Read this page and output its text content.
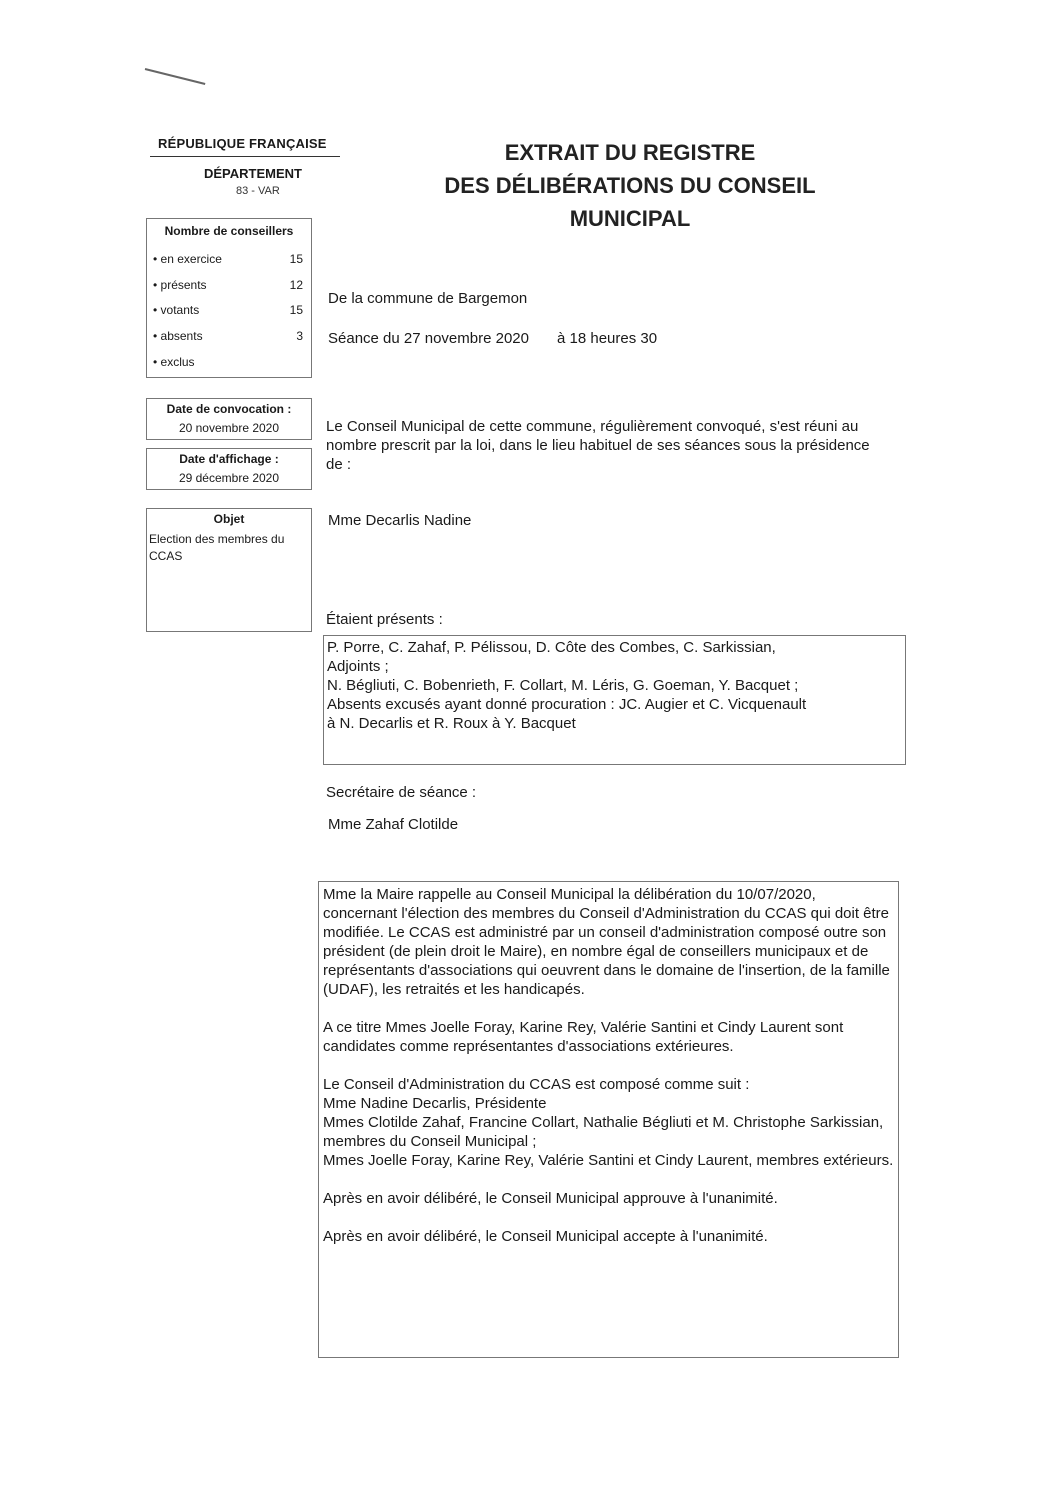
RÉPUBLIQUE FRANÇAISE
DÉPARTEMENT
83 - VAR
EXTRAIT DU REGISTRE
DES DÉLIBÉRATIONS DU CONSEIL
MUNICIPAL
Nombre de conseillers
• en exercice	15
• présents	12
• votants	15
• absents	3
• exclus
Date de convocation :
20 novembre 2020
Date d'affichage :
29 décembre 2020
Objet
Election des membres du CCAS
De la commune de Bargemon
Séance du 27 novembre 2020 à 18 heures 30
Le Conseil Municipal de cette commune, régulièrement convoqué, s'est réuni au nombre prescrit par la loi, dans le lieu habituel de ses séances sous la présidence de :
Mme Decarlis Nadine
Étaient présents :

P. Porre, C. Zahaf, P. Pélissou, D. Côte des Combes, C. Sarkissian,

Adjoints ;

N. Bégliuti, C. Bobenrieth, F. Collart, M. Léris, G. Goeman, Y. Bacquet ;

Absents excusés ayant donné procuration : JC. Augier et C. Vicquenault

à N. Decarlis et R. Roux à Y. Bacquet

Secrétaire de séance :
Mme Zahaf Clotilde

Mme la Maire rappelle au Conseil Municipal la délibération du 10/07/2020, concernant l'élection des membres du Conseil d'Administration du CCAS qui doit être modifiée. Le CCAS est administré par un conseil d'administration composé outre son président (de plein droit le Maire), en nombre égal de conseillers municipaux et de représentants d'associations qui oeuvrent dans le domaine de l'insertion, de la famille (UDAF), les retraités et les handicapés.

A ce titre Mmes Joelle Foray, Karine Rey, Valérie Santini et Cindy Laurent sont candidates comme représentantes d'associations extérieures.

Le Conseil d'Administration du CCAS est composé comme suit :

Mme Nadine Decarlis, Présidente

Mmes Clotilde Zahaf, Francine Collart, Nathalie Bégliuti et M. Christophe Sarkissian, membres du Conseil Municipal ;

Mmes Joelle Foray, Karine Rey, Valérie Santini et Cindy Laurent, membres extérieurs.

Après en avoir délibéré, le Conseil Municipal approuve à l'unanimité.

Après en avoir délibéré, le Conseil Municipal accepte à l'unanimité.
